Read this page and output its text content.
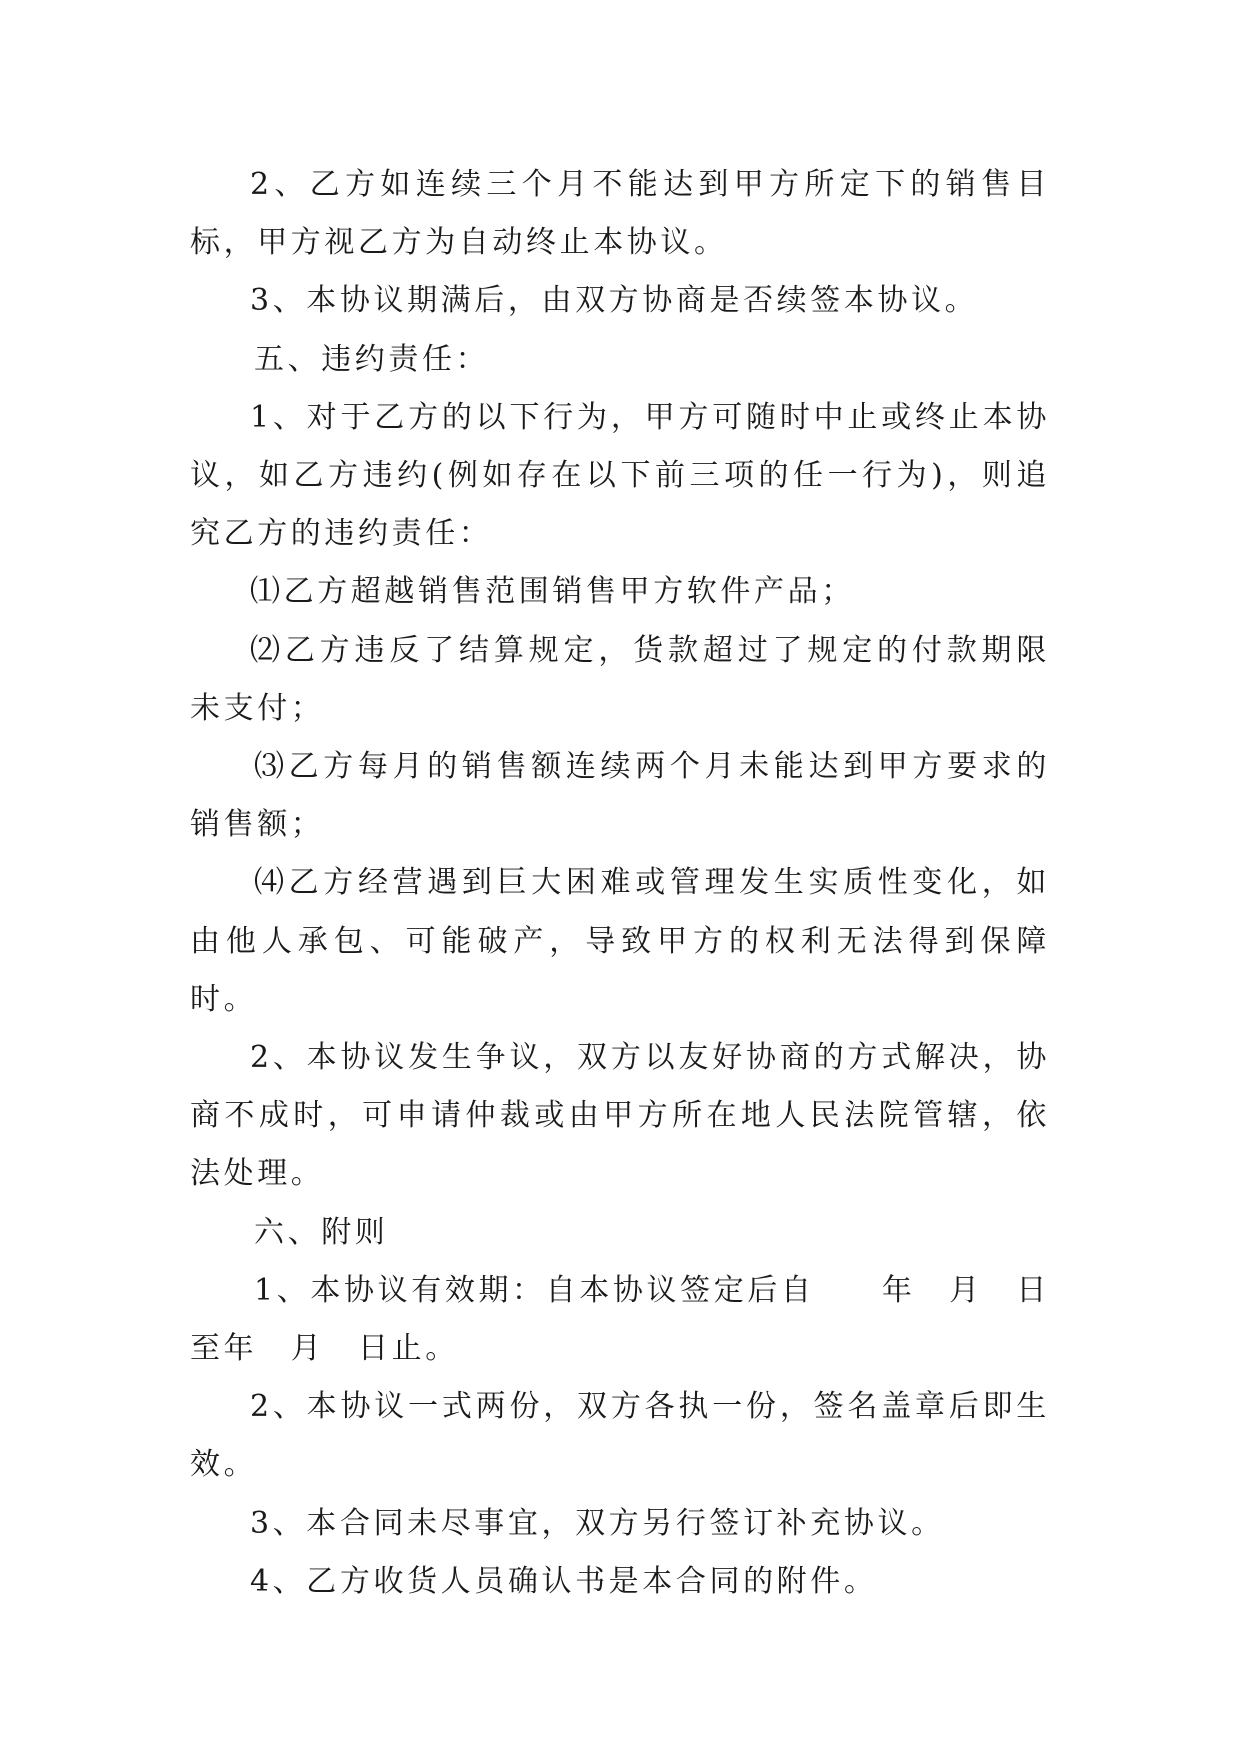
2、乙方如连续三个月不能达到甲方所定下的销售目标，甲方视乙方为自动终止本协议。

3、本协议期满后，由双方协商是否续签本协议。

五、违约责任：

1、对于乙方的以下行为，甲方可随时中止或终止本协议，如乙方违约(例如存在以下前三项的任一行为)，则追究乙方的违约责任：

⑴乙方超越销售范围销售甲方软件产品；

⑵乙方违反了结算规定，货款超过了规定的付款期限未支付；

⑶乙方每月的销售额连续两个月未能达到甲方要求的销售额；

⑷乙方经营遇到巨大困难或管理发生实质性变化，如由他人承包、可能破产，导致甲方的权利无法得到保障时。

2、本协议发生争议，双方以友好协商的方式解决，协商不成时，可申请仲裁或由甲方所在地人民法院管辖，依法处理。

六、附则

1、本协议有效期：自本协议签定后自　　年　月　日至年　月　日止。

2、本协议一式两份，双方各执一份，签名盖章后即生效。

3、本合同未尽事宜，双方另行签订补充协议。

4、乙方收货人员确认书是本合同的附件。
